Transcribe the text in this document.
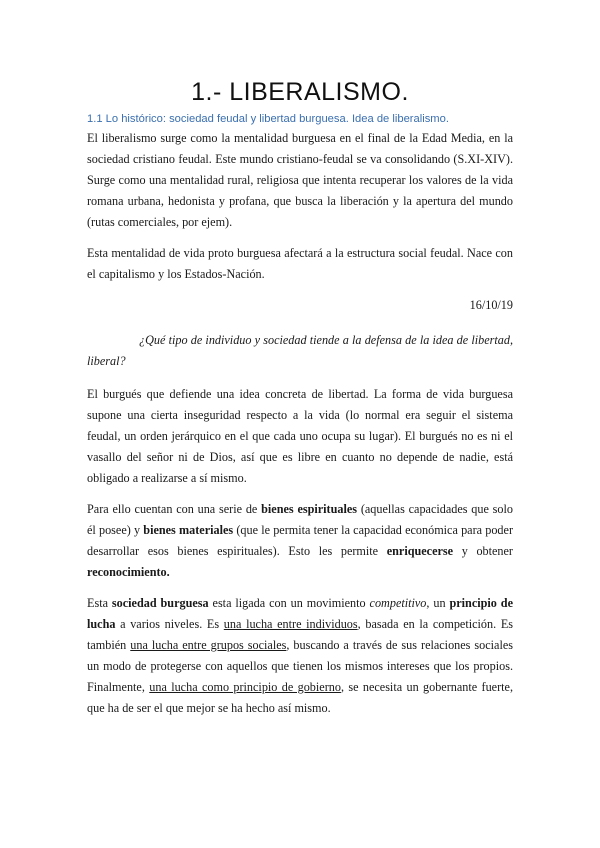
1.- LIBERALISMO.
1.1 Lo histórico: sociedad feudal y libertad burguesa. Idea de liberalismo.

El liberalismo surge como la mentalidad burguesa en el final de la Edad Media, en la sociedad cristiano feudal. Este mundo cristiano-feudal se va consolidando (S.XI-XIV). Surge como una mentalidad rural, religiosa que intenta recuperar los valores de la vida romana urbana, hedonista y profana, que busca la liberación y la apertura del mundo (rutas comerciales, por ejem).

Esta mentalidad de vida proto burguesa afectará a la estructura social feudal. Nace con el capitalismo y los Estados-Nación.

16/10/19

¿Qué tipo de individuo y sociedad tiende a la defensa de la idea de libertad, liberal?

El burgués que defiende una idea concreta de libertad. La forma de vida burguesa supone una cierta inseguridad respecto a la vida (lo normal era seguir el sistema feudal, un orden jerárquico en el que cada uno ocupa su lugar). El burgués no es ni el vasallo del señor ni de Dios, así que es libre en cuanto no depende de nadie, está obligado a realizarse a sí mismo.

Para ello cuentan con una serie de bienes espirituales (aquellas capacidades que solo él posee) y bienes materiales (que le permita tener la capacidad económica para poder desarrollar esos bienes espirituales). Esto les permite enriquecerse y obtener reconocimiento.

Esta sociedad burguesa esta ligada con un movimiento competitivo, un principio de lucha a varios niveles. Es una lucha entre individuos, basada en la competición. Es también una lucha entre grupos sociales, buscando a través de sus relaciones sociales un modo de protegerse con aquellos que tienen los mismos intereses que los propios. Finalmente, una lucha como principio de gobierno, se necesita un gobernante fuerte, que ha de ser el que mejor se ha hecho así mismo.
